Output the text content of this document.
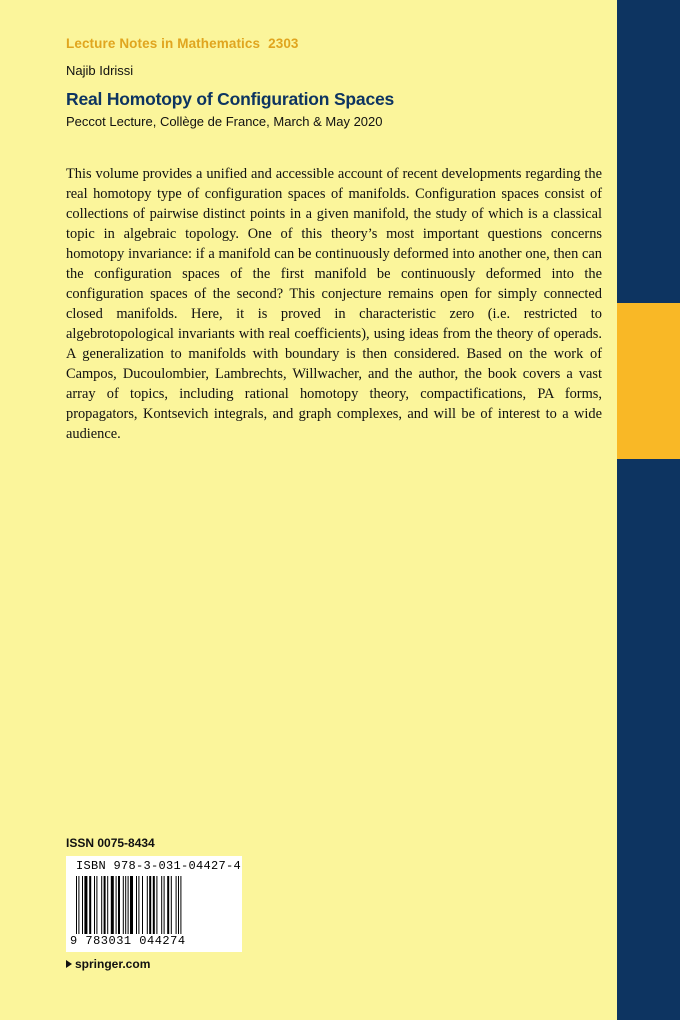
Lecture Notes in Mathematics 2303
Najib Idrissi
Real Homotopy of Configuration Spaces
Peccot Lecture, Collège de France, March & May 2020

This volume provides a unified and accessible account of recent developments regarding the real homotopy type of configuration spaces of manifolds. Configuration spaces consist of collections of pairwise distinct points in a given manifold, the study of which is a classical topic in algebraic topology. One of this theory’s most important questions concerns homotopy invariance: if a manifold can be continuously deformed into another one, then can the configuration spaces of the first manifold be continuously deformed into the configuration spaces of the second? This conjecture remains open for simply connected closed manifolds. Here, it is proved in characteristic zero (i.e. restricted to algebrotopological invariants with real coefficients), using ideas from the theory of operads. A generalization to manifolds with boundary is then considered. Based on the work of Campos, Ducoulombier, Lambrechts, Willwacher, and the author, the book covers a vast array of topics, including rational homotopy theory, compactifications, PA forms, propagators, Kontsevich integrals, and graph complexes, and will be of interest to a wide audience.

ISSN 0075-8434
ISBN 978-3-031-04427-4
9 783031 044274
springer.com
